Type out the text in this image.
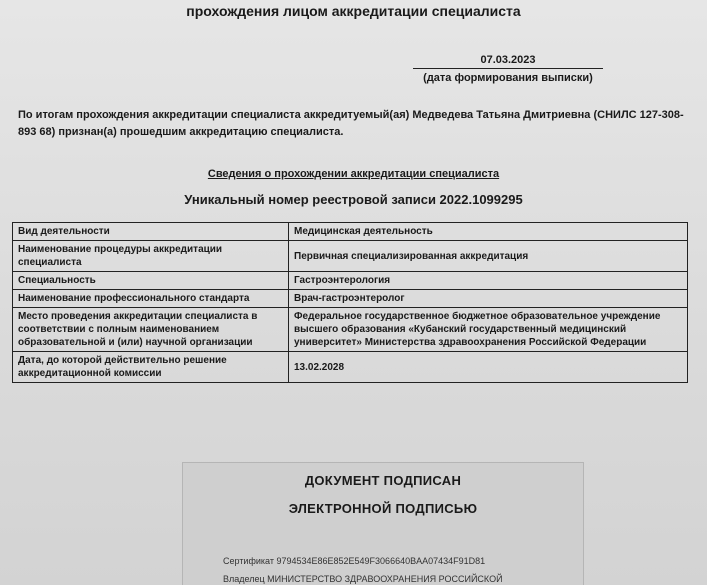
прохождения лицом аккредитации специалиста
07.03.2023
(дата формирования выписки)
По итогам прохождения аккредитации специалиста аккредитуемый(ая) Медведева Татьяна Дмитриевна (СНИЛС 127-308-893 68) признан(а) прошедшим аккредитацию специалиста.
Сведения о прохождении аккредитации специалиста
Уникальный номер реестровой записи 2022.1099295
Вид деятельности	Медицинская деятельность
Наименование процедуры аккредитации специалиста	Первичная специализированная аккредитация
Специальность	Гастроэнтерология
Наименование профессионального стандарта	Врач-гастроэнтеролог
Место проведения аккредитации специалиста в соответствии с полным наименованием образовательной и (или) научной организации	Федеральное государственное бюджетное образовательное учреждение высшего образования «Кубанский государственный медицинский университет» Министерства здравоохранения Российской Федерации
Дата, до которой действительно решение аккредитационной комиссии	13.02.2028
ДОКУМЕНТ ПОДПИСАН
ЭЛЕКТРОННОЙ ПОДПИСЬЮ
Сертификат 9794534E86E852E549F3066640BAA07434F91D81
Владелец МИНИСТЕРСТВО ЗДРАВООХРАНЕНИЯ РОССИЙСКОЙ
